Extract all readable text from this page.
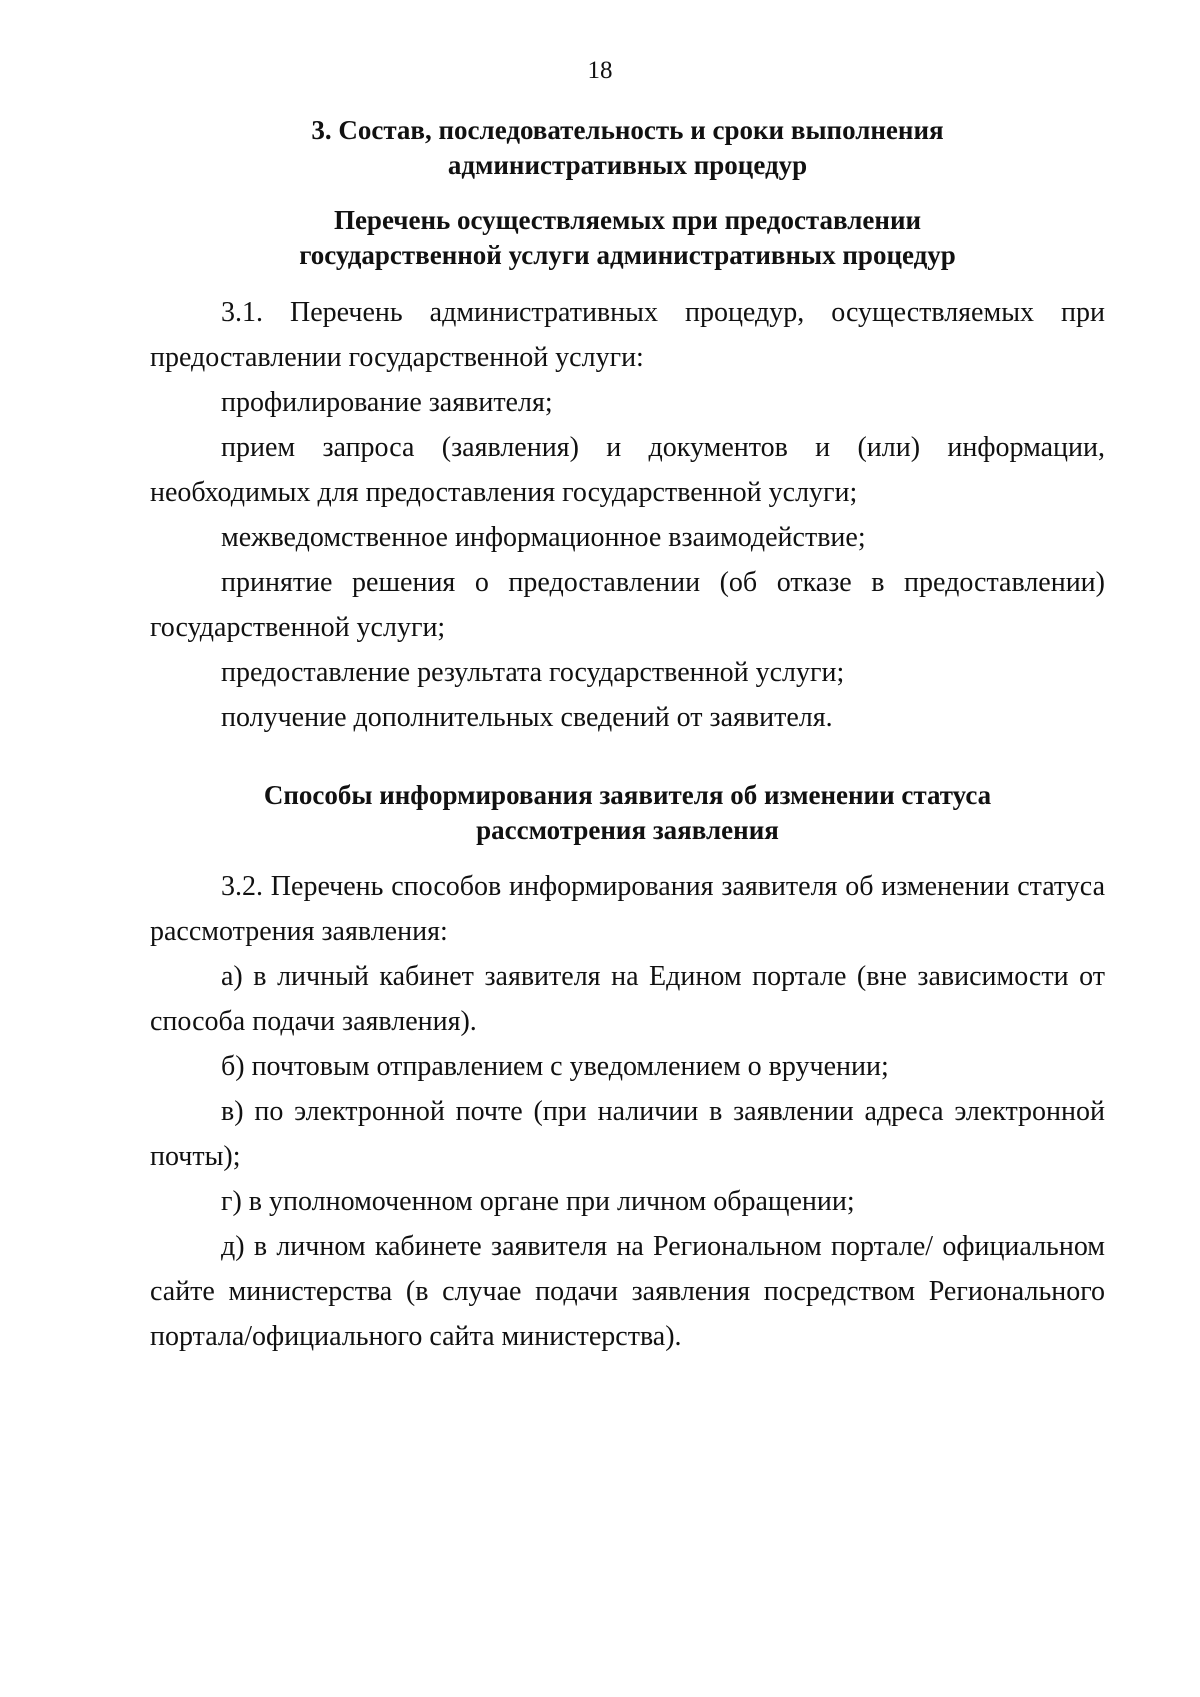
18
3. Состав, последовательность и сроки выполнения
административных процедур
Перечень осуществляемых при предоставлении
государственной услуги административных процедур

3.1. Перечень административных процедур, осуществляемых при предоставлении государственной услуги:

профилирование заявителя;

прием запроса (заявления) и документов и (или) информации, необходимых для предоставления государственной услуги;

межведомственное информационное взаимодействие;

принятие решения о предоставлении (об отказе в предоставлении) государственной услуги;

предоставление результата государственной услуги;

получение дополнительных сведений от заявителя.

Способы информирования заявителя об изменении статуса
рассмотрения заявления

3.2. Перечень способов информирования заявителя об изменении статуса рассмотрения заявления:

а) в личный кабинет заявителя на Едином портале (вне зависимости от способа подачи заявления).

б) почтовым отправлением с уведомлением о вручении;

в) по электронной почте (при наличии в заявлении адреса электронной почты);

г) в уполномоченном органе при личном обращении;

д) в личном кабинете заявителя на Региональном портале/ официальном сайте министерства (в случае подачи заявления посредством Регионального портала/официального сайта министерства).
